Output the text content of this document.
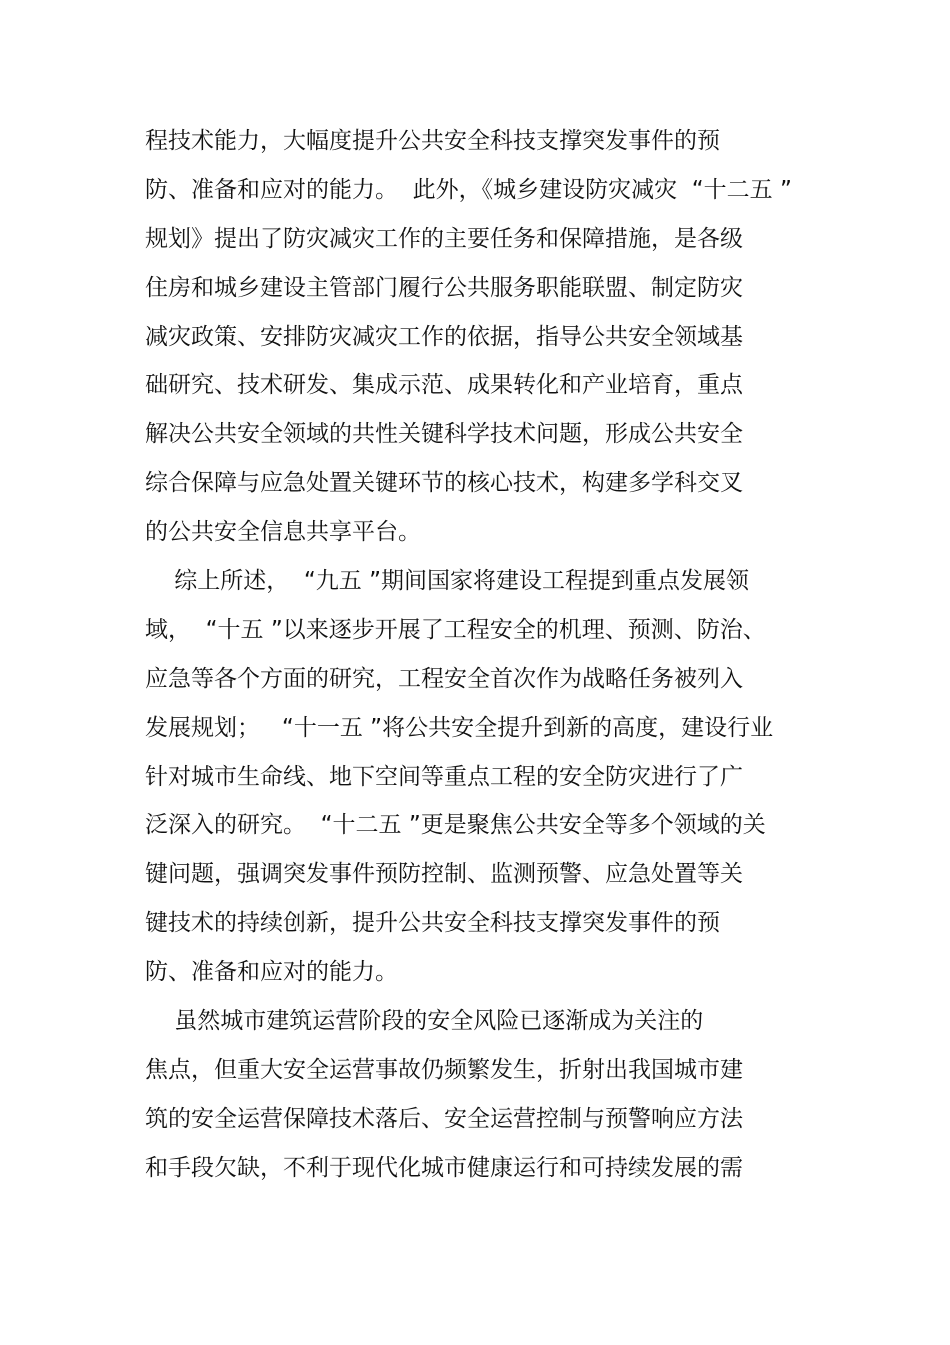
程技术能力，大幅度提升公共安全科技支撑突发事件的预
防、准备和应对的能力。  此外，《城乡建设防灾减灾  “十二五 ”
规划》提出了防灾减灾工作的主要任务和保障措施，是各级
住房和城乡建设主管部门履行公共服务职能联盟、制定防灾
减灾政策、安排防灾减灾工作的依据，指导公共安全领域基
础研究、技术研发、集成示范、成果转化和产业培育，重点
解决公共安全领域的共性关键科学技术问题，形成公共安全
综合保障与应急处置关键环节的核心技术，构建多学科交叉
的公共安全信息共享平台。
综上所述，  “九五 ”期间国家将建设工程提到重点发展领
域，  “十五 ”以来逐步开展了工程安全的机理、预测、防治、
应急等各个方面的研究，工程安全首次作为战略任务被列入
发展规划；   “十一五 ”将公共安全提升到新的高度，建设行业
针对城市生命线、地下空间等重点工程的安全防灾进行了广
泛深入的研究。  “十二五 ”更是聚焦公共安全等多个领域的关
键问题，强调突发事件预防控制、监测预警、应急处置等关
键技术的持续创新，提升公共安全科技支撑突发事件的预
防、准备和应对的能力。
虽然城市建筑运营阶段的安全风险已逐渐成为关注的
焦点，但重大安全运营事故仍频繁发生，折射出我国城市建
筑的安全运营保障技术落后、安全运营控制与预警响应方法
和手段欠缺，不利于现代化城市健康运行和可持续发展的需
